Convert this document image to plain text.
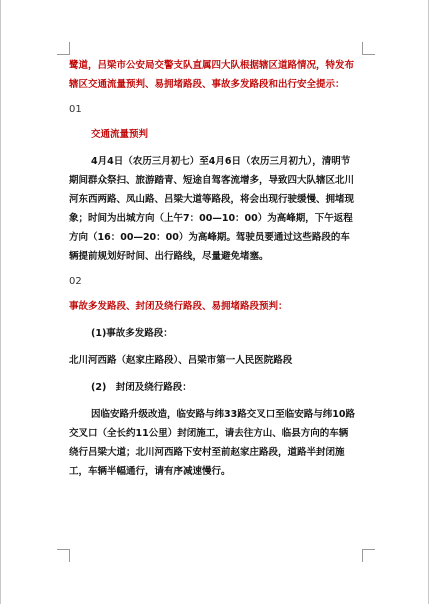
鹭道，吕梁市公安局交警支队直属四大队根据辖区道路情况，特发布辖区交通流量预判、易拥堵路段、事故多发路段和出行安全提示：

01

交通流量预判

4月4日（农历三月初七）至4月6日（农历三月初九），清明节期间群众祭扫、旅游踏青、短途自驾客流增多，导致四大队辖区北川河东西两路、凤山路、吕梁大道等路段，将会出现行驶缓慢、拥堵现象；时间为出城方向（上午7：00—10：00）为高峰期，下午返程方向（16：00—20：00）为高峰期。驾驶员要通过这些路段的车辆提前规划好时间、出行路线，尽量避免堵塞。

02

事故多发路段、封闭及绕行路段、易拥堵路段预判：

(1)事故多发路段：

北川河西路（赵家庄路段）、吕梁市第一人民医院路段

(2)　封闭及绕行路段：

因临安路升级改造，临安路与纬33路交叉口至临安路与纬10路交叉口（全长约11公里）封闭施工，请去往方山、临县方向的车辆绕行吕梁大道；北川河西路下安村至前赵家庄路段，道路半封闭施工，车辆半幅通行，请有序减速慢行。
